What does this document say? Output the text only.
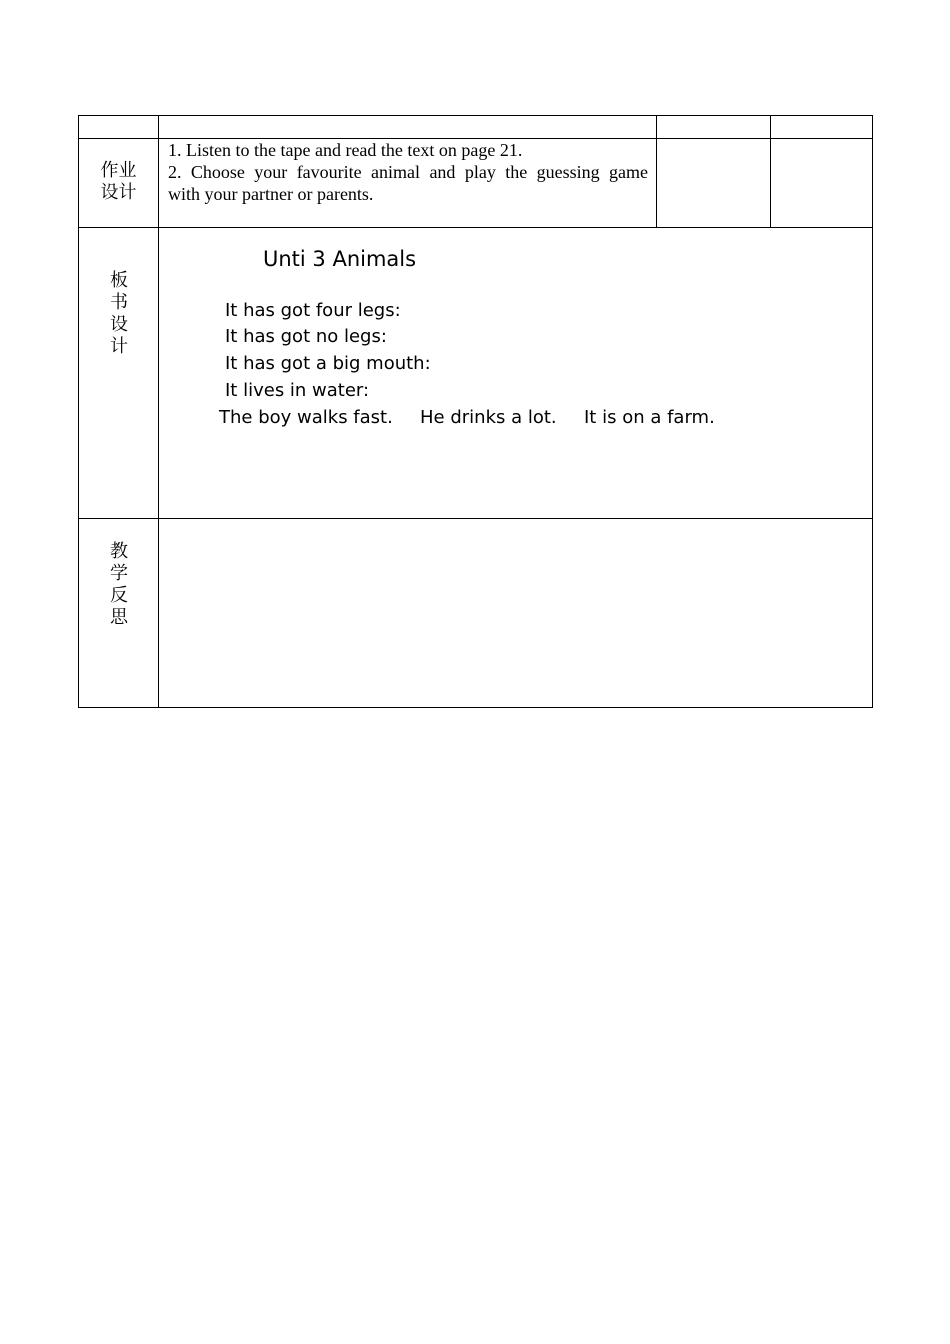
作业
设计
1. Listen to the tape and read the text on page 21.
2. Choose your favourite animal and play the guessing game
with your partner or parents.
板书设计
Unti 3 Animals
It has got four legs:
It has got no legs:
It has got a big mouth:
It lives in water:
The boy walks fast. He drinks a lot. It is on a farm.
教学反思
